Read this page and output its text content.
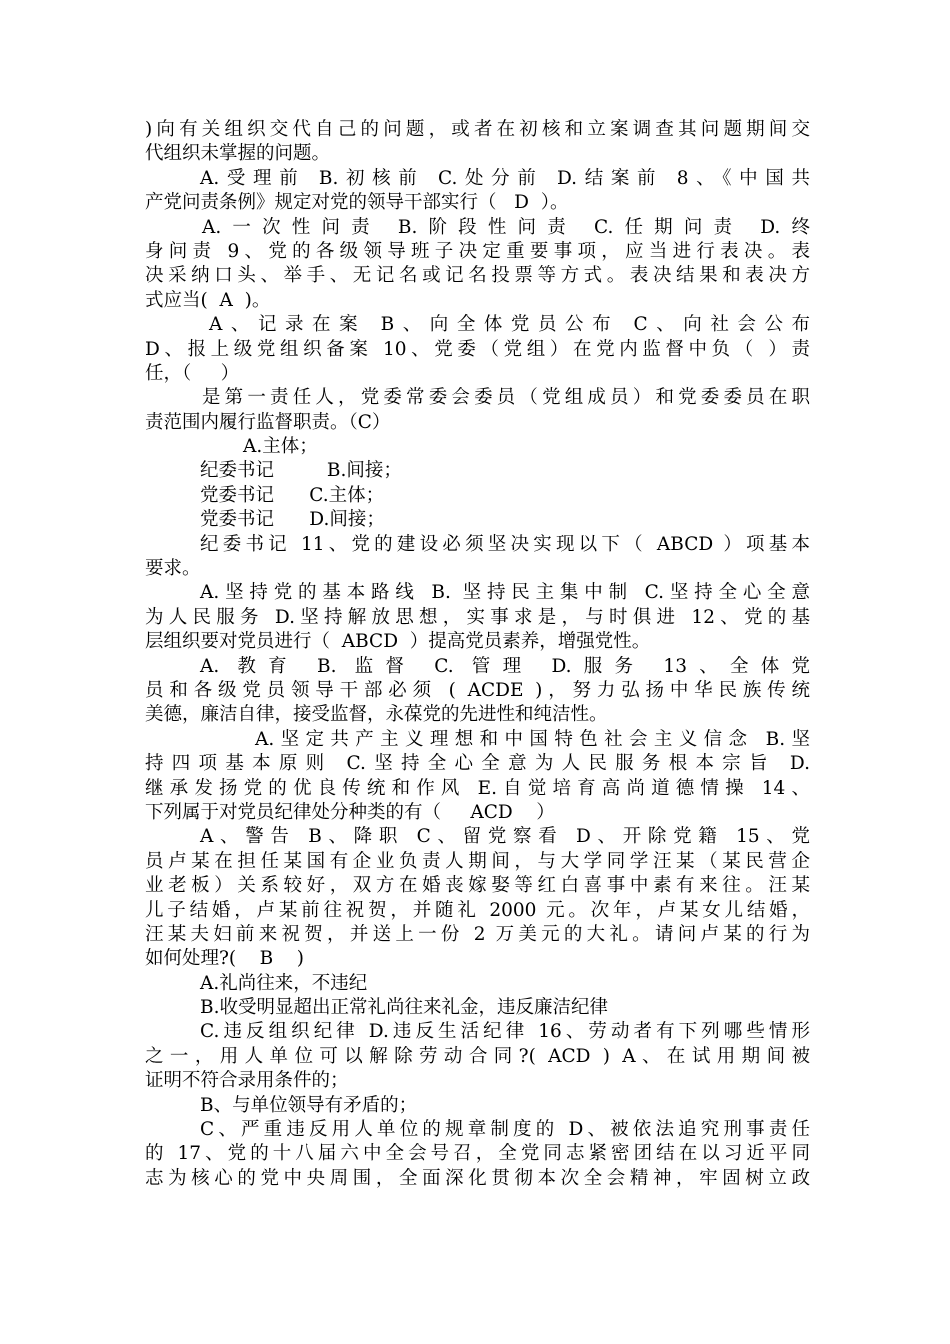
)向有关组织交代自己的问题，或者在初核和立案调查其问题期间交
代组织未掌握的问题。
A.受理前 B.初核前 C.处分前 D.结案前 8、《中国共
产党问责条例》规定对党的领导干部实行（   D  ）。
A.一次性问责 B.阶段性问责 C.任期问责 D.终
身问责 9、党的各级领导班子决定重要事项，应当进行表决。表
决采纳口头、举手、无记名或记名投票等方式。表决结果和表决方
式应当(  A  )。
A、记录在案 B、向全体党员公布 C、向社会公布
D、报上级党组织备案 10、党委（党组）在党内监督中负（ ）责
任，（     ）
是第一责任人，党委常委会委员（党组成员）和党委委员在职
责范围内履行监督职责。（C）
A.主体；
纪委书记         B.间接；
党委书记      C.主体；
党委书记      D.间接；
纪委书记 11、党的建设必须坚决实现以下（ ABCD ）项基本
要求。
A.坚持党的基本路线 B. 坚持民主集中制 C.坚持全心全意
为人民服务 D.坚持解放思想，实事求是，与时俱进 12、党的基
层组织要对党员进行（  ABCD  ）提高党员素养，增强党性。
A. 教育 B. 监督 C. 管理 D.服务 13、全体党
员和各级党员领导干部必须 ( ACDE )，努力弘扬中华民族传统
美德，廉洁自律，接受监督，永葆党的先进性和纯洁性。
A.坚定共产主义理想和中国特色社会主义信念 B.坚
持四项基本原则 C.坚持全心全意为人民服务根本宗旨 D.
继承发扬党的优良传统和作风 E.自觉培育高尚道德情操 14、
下列属于对党员纪律处分种类的有（     ACD    ）
A、警告 B、降职 C、留党察看 D、开除党籍 15、党
员卢某在担任某国有企业负责人期间，与大学同学汪某（某民营企
业老板）关系较好，双方在婚丧嫁娶等红白喜事中素有来往。汪某
儿子结婚，卢某前往祝贺，并随礼 2000 元。次年，卢某女儿结婚，
汪某夫妇前来祝贺，并送上一份 2 万美元的大礼。请问卢某的行为
如何处理?(    B    )
A.礼尚往来，不违纪
B.收受明显超出正常礼尚往来礼金，违反廉洁纪律
C.违反组织纪律 D.违反生活纪律 16、劳动者有下列哪些情形
之一，用人单位可以解除劳动合同?( ACD ) A、在试用期间被
证明不符合录用条件的；
B、与单位领导有矛盾的；
C、严重违反用人单位的规章制度的 D、被依法追究刑事责任
的 17、党的十八届六中全会号召，全党同志紧密团结在以习近平同
志为核心的党中央周围，全面深化贯彻本次全会精神，牢固树立政
